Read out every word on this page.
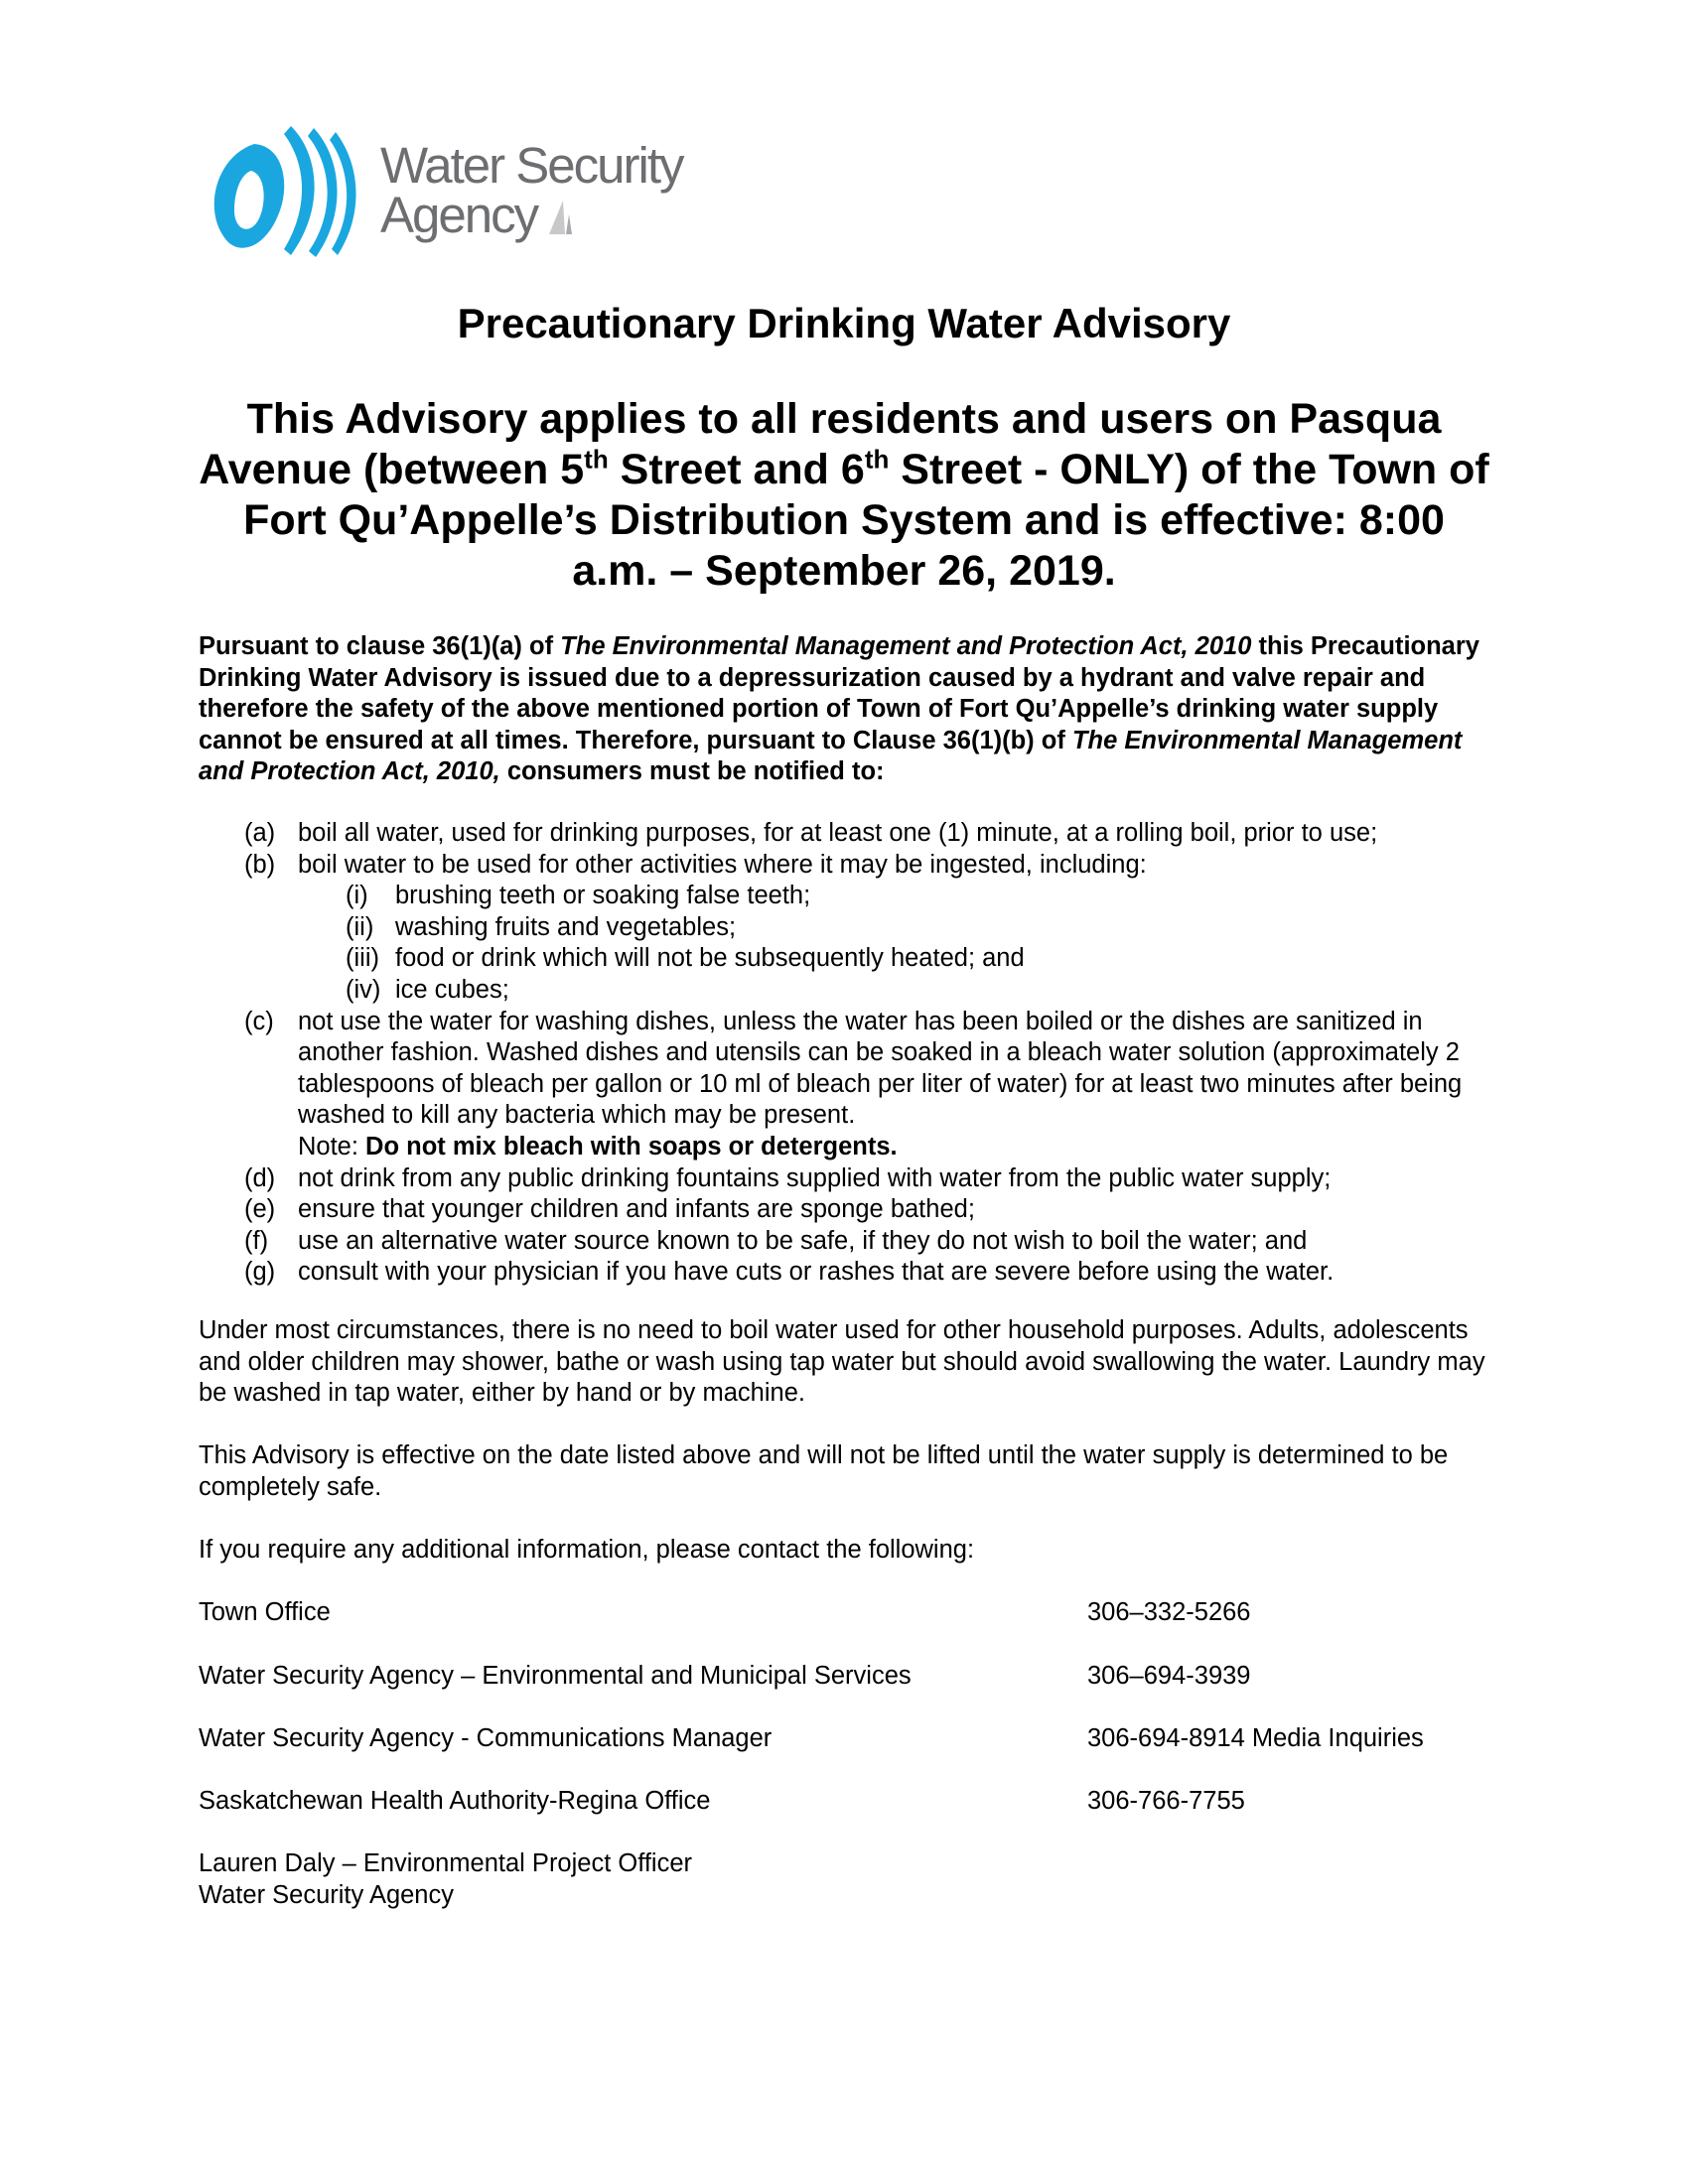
Water Security
Agency
Precautionary Drinking Water Advisory
This Advisory applies to all residents and users on Pasqua Avenue (between 5th Street and 6th Street - ONLY) of the Town of Fort Qu’Appelle’s Distribution System and is effective: 8:00 a.m. – September 26, 2019.
Pursuant to clause 36(1)(a) of The Environmental Management and Protection Act, 2010 this Precautionary Drinking Water Advisory is issued due to a depressurization caused by a hydrant and valve repair and therefore the safety of the above mentioned portion of Town of Fort Qu’Appelle’s drinking water supply cannot be ensured at all times. Therefore, pursuant to Clause 36(1)(b) of The Environmental Management and Protection Act, 2010, consumers must be notified to:
(a) boil all water, used for drinking purposes, for at least one (1) minute, at a rolling boil, prior to use;
(b) boil water to be used for other activities where it may be ingested, including:
(i)	brushing teeth or soaking false teeth;
(ii) washing fruits and vegetables;
(iii) food or drink which will not be subsequently heated; and
(iv) ice cubes;
(c) not use the water for washing dishes, unless the water has been boiled or the dishes are sanitized in another fashion. Washed dishes and utensils can be soaked in a bleach water solution (approximately 2 tablespoons of bleach per gallon or 10 ml of bleach per liter of water) for at least two minutes after being washed to kill any bacteria which may be present.
Note: Do not mix bleach with soaps or detergents.
(d) not drink from any public drinking fountains supplied with water from the public water supply;
(e) ensure that younger children and infants are sponge bathed;
(f)	use an alternative water source known to be safe, if they do not wish to boil the water; and
(g) consult with your physician if you have cuts or rashes that are severe before using the water.
Under most circumstances, there is no need to boil water used for other household purposes. Adults, adolescents and older children may shower, bathe or wash using tap water but should avoid swallowing the water. Laundry may be washed in tap water, either by hand or by machine.
This Advisory is effective on the date listed above and will not be lifted until the water supply is determined to be completely safe.
If you require any additional information, please contact the following:
Town Office	306–332-5266
Water Security Agency – Environmental and Municipal Services	306–694-3939
Water Security Agency - Communications Manager	306-694-8914 Media Inquiries
Saskatchewan Health Authority-Regina Office	306-766-7755
Lauren Daly – Environmental Project Officer
Water Security Agency
